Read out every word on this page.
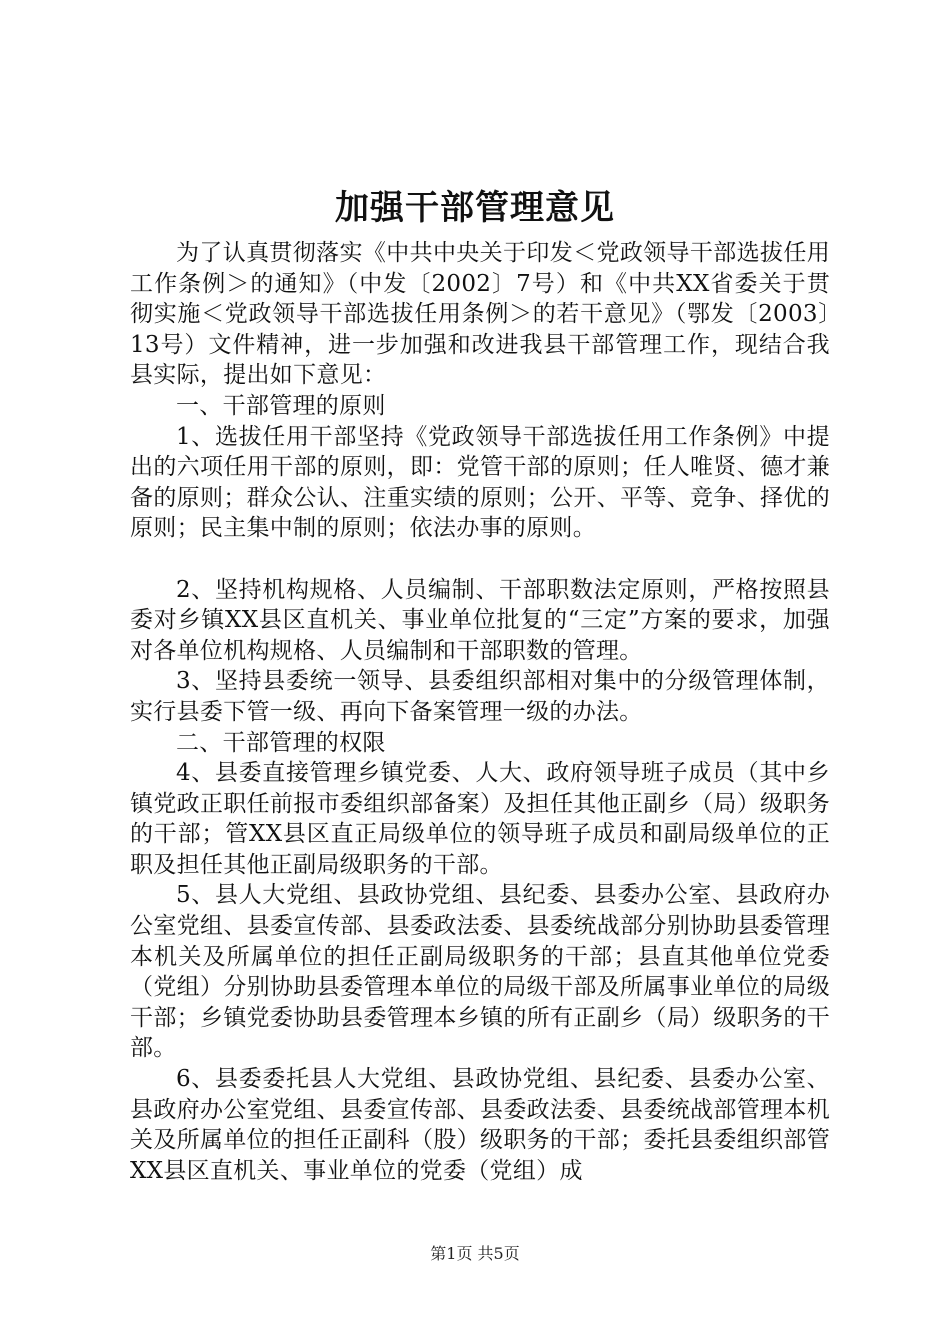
加强干部管理意见

为了认真贯彻落实《中共中央关于印发＜党政领导干部选拔任用工作条例＞的通知》（中发〔2002〕7号）和《中共XX省委关于贯彻实施＜党政领导干部选拔任用条例＞的若干意见》（鄂发〔2003〕13号）文件精神，进一步加强和改进我县干部管理工作，现结合我县实际，提出如下意见：

一、干部管理的原则

1、选拔任用干部坚持《党政领导干部选拔任用工作条例》中提出的六项任用干部的原则，即：党管干部的原则；任人唯贤、德才兼备的原则；群众公认、注重实绩的原则；公开、平等、竞争、择优的原则；民主集中制的原则；依法办事的原则。

2、坚持机构规格、人员编制、干部职数法定原则，严格按照县委对乡镇XX县区直机关、事业单位批复的“三定”方案的要求，加强对各单位机构规格、人员编制和干部职数的管理。

3、坚持县委统一领导、县委组织部相对集中的分级管理体制，实行县委下管一级、再向下备案管理一级的办法。

二、干部管理的权限

4、县委直接管理乡镇党委、人大、政府领导班子成员（其中乡镇党政正职任前报市委组织部备案）及担任其他正副乡（局）级职务的干部；管XX县区直正局级单位的领导班子成员和副局级单位的正职及担任其他正副局级职务的干部。

5、县人大党组、县政协党组、县纪委、县委办公室、县政府办公室党组、县委宣传部、县委政法委、县委统战部分别协助县委管理本机关及所属单位的担任正副局级职务的干部；县直其他单位党委（党组）分别协助县委管理本单位的局级干部及所属事业单位的局级干部；乡镇党委协助县委管理本乡镇的所有正副乡（局）级职务的干部。

6、县委委托县人大党组、县政协党组、县纪委、县委办公室、县政府办公室党组、县委宣传部、县委政法委、县委统战部管理本机关及所属单位的担任正副科（股）级职务的干部；委托县委组织部管XX县区直机关、事业单位的党委（党组）成

第1页 共5页
